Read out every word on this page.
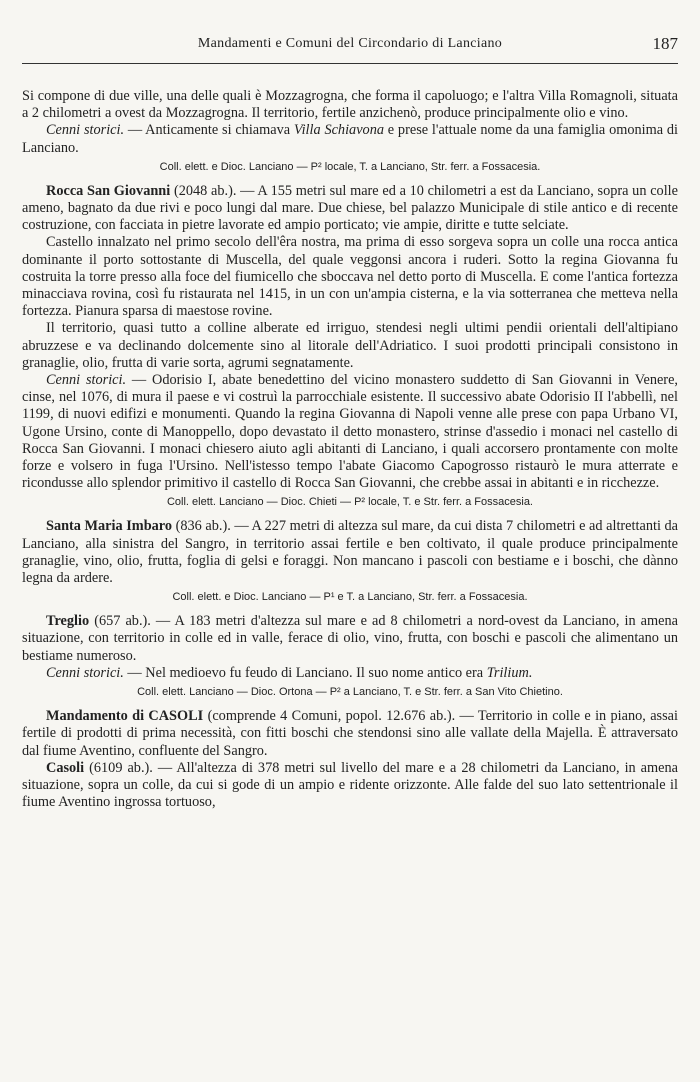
Mandamenti e Comuni del Circondario di Lanciano	187

Si compone di due ville, una delle quali è Mozzagrogna, che forma il capoluogo; e l'altra Villa Romagnoli, situata a 2 chilometri a ovest da Mozzagrogna. Il territorio, fertile anzichenò, produce principalmente olio e vino.

Cenni storici. — Anticamente si chiamava Villa Schiavona e prese l'attuale nome da una famiglia omonima di Lanciano.

Coll. elett. e Dioc. Lanciano — P² locale, T. a Lanciano, Str. ferr. a Fossacesia.

Rocca San Giovanni (2048 ab.). — A 155 metri sul mare ed a 10 chilometri a est da Lanciano, sopra un colle ameno, bagnato da due rivi e poco lungi dal mare. Due chiese, bel palazzo Municipale di stile antico e di recente costruzione, con facciata in pietre lavorate ed ampio porticato; vie ampie, diritte e tutte selciate.

Castello innalzato nel primo secolo dell'êra nostra, ma prima di esso sorgeva sopra un colle una rocca antica dominante il porto sottostante di Muscella, del quale veggonsi ancora i ruderi. Sotto la regina Giovanna fu costruita la torre presso alla foce del fiumicello che sboccava nel detto porto di Muscella. E come l'antica fortezza minacciava rovina, così fu ristaurata nel 1415, in un con un'ampia cisterna, e la via sotterranea che metteva nella fortezza. Pianura sparsa di maestose rovine.

Il territorio, quasi tutto a colline alberate ed irriguo, stendesi negli ultimi pendii orientali dell'altipiano abruzzese e va declinando dolcemente sino al litorale dell'Adriatico. I suoi prodotti principali consistono in granaglie, olio, frutta di varie sorta, agrumi segnatamente.

Cenni storici. — Odorisio I, abate benedettino del vicino monastero suddetto di San Giovanni in Venere, cinse, nel 1076, di mura il paese e vi costruì la parrocchiale esistente. Il successivo abate Odorisio II l'abbellì, nel 1199, di nuovi edifizi e monumenti. Quando la regina Giovanna di Napoli venne alle prese con papa Urbano VI, Ugone Ursino, conte di Manoppello, dopo devastato il detto monastero, strinse d'assedio i monaci nel castello di Rocca San Giovanni. I monaci chiesero aiuto agli abitanti di Lanciano, i quali accorsero prontamente con molte forze e volsero in fuga l'Ursino. Nell'istesso tempo l'abate Giacomo Capogrosso ristaurò le mura atterrate e ricondusse allo splendor primitivo il castello di Rocca San Giovanni, che crebbe assai in abitanti e in ricchezze.

Coll. elett. Lanciano — Dioc. Chieti — P² locale, T. e Str. ferr. a Fossacesia.

Santa Maria Imbaro (836 ab.). — A 227 metri di altezza sul mare, da cui dista 7 chilometri e ad altrettanti da Lanciano, alla sinistra del Sangro, in territorio assai fertile e ben coltivato, il quale produce principalmente granaglie, vino, olio, frutta, foglia di gelsi e foraggi. Non mancano i pascoli con bestiame e i boschi, che dànno legna da ardere.

Coll. elett. e Dioc. Lanciano — P¹ e T. a Lanciano, Str. ferr. a Fossacesia.

Treglio (657 ab.). — A 183 metri d'altezza sul mare e ad 8 chilometri a nord-ovest da Lanciano, in amena situazione, con territorio in colle ed in valle, ferace di olio, vino, frutta, con boschi e pascoli che alimentano un bestiame numeroso.

Cenni storici. — Nel medioevo fu feudo di Lanciano. Il suo nome antico era Trilium.

Coll. elett. Lanciano — Dioc. Ortona — P² a Lanciano, T. e Str. ferr. a San Vito Chietino.

Mandamento di CASOLI (comprende 4 Comuni, popol. 12.676 ab.). — Territorio in colle e in piano, assai fertile di prodotti di prima necessità, con fitti boschi che stendonsi sino alle vallate della Majella. È attraversato dal fiume Aventino, confluente del Sangro.

Casoli (6109 ab.). — All'altezza di 378 metri sul livello del mare e a 28 chilometri da Lanciano, in amena situazione, sopra un colle, da cui si gode di un ampio e ridente orizzonte. Alle falde del suo lato settentrionale il fiume Aventino ingrossa tortuoso,
